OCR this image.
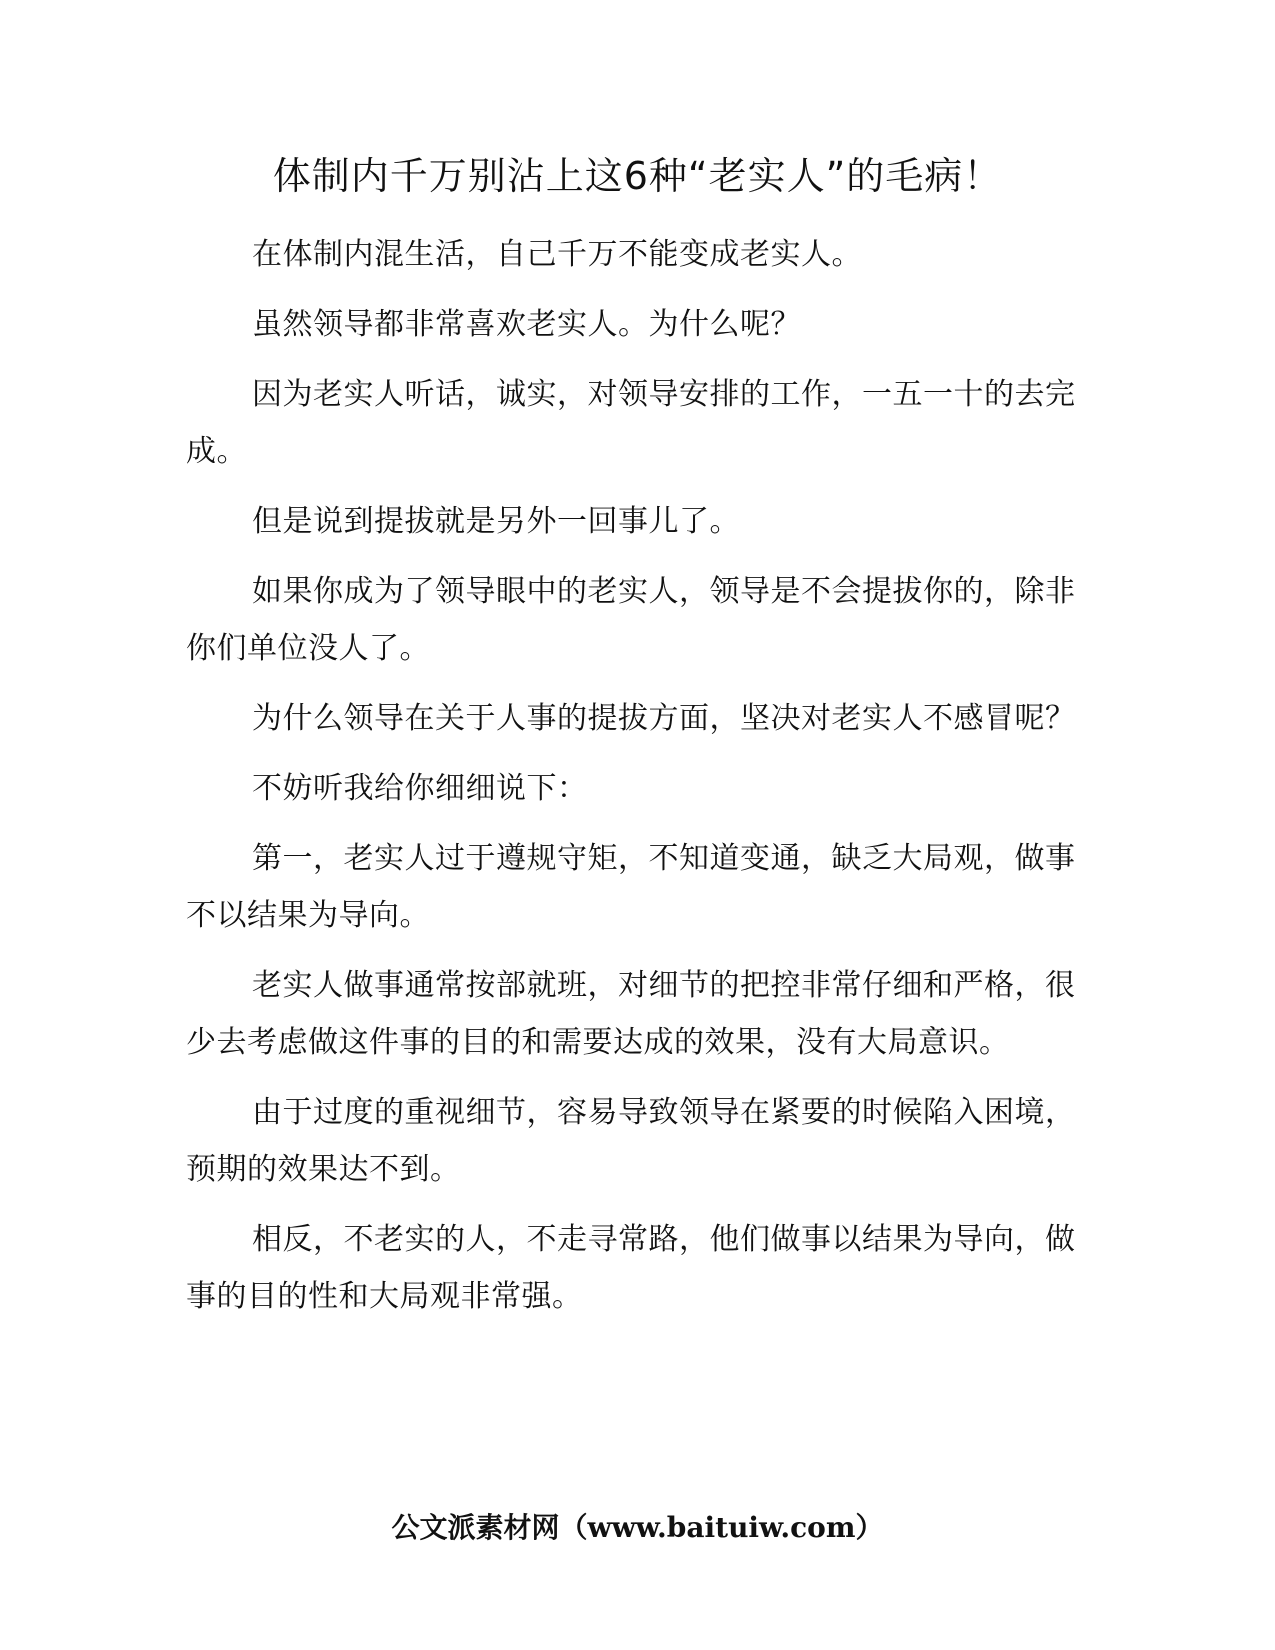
体制内千万别沾上这6种“老实人”的毛病！

在体制内混生活，自己千万不能变成老实人。

虽然领导都非常喜欢老实人。为什么呢？

因为老实人听话，诚实，对领导安排的工作，一五一十的去完成。

但是说到提拔就是另外一回事儿了。

如果你成为了领导眼中的老实人，领导是不会提拔你的，除非你们单位没人了。

为什么领导在关于人事的提拔方面，坚决对老实人不感冒呢？

不妨听我给你细细说下：

第一，老实人过于遵规守矩，不知道变通，缺乏大局观，做事不以结果为导向。

老实人做事通常按部就班，对细节的把控非常仔细和严格，很少去考虑做这件事的目的和需要达成的效果，没有大局意识。

由于过度的重视细节，容易导致领导在紧要的时候陷入困境，预期的效果达不到。

相反，不老实的人，不走寻常路，他们做事以结果为导向，做事的目的性和大局观非常强。

公文派素材网（www.baituiw.com）
